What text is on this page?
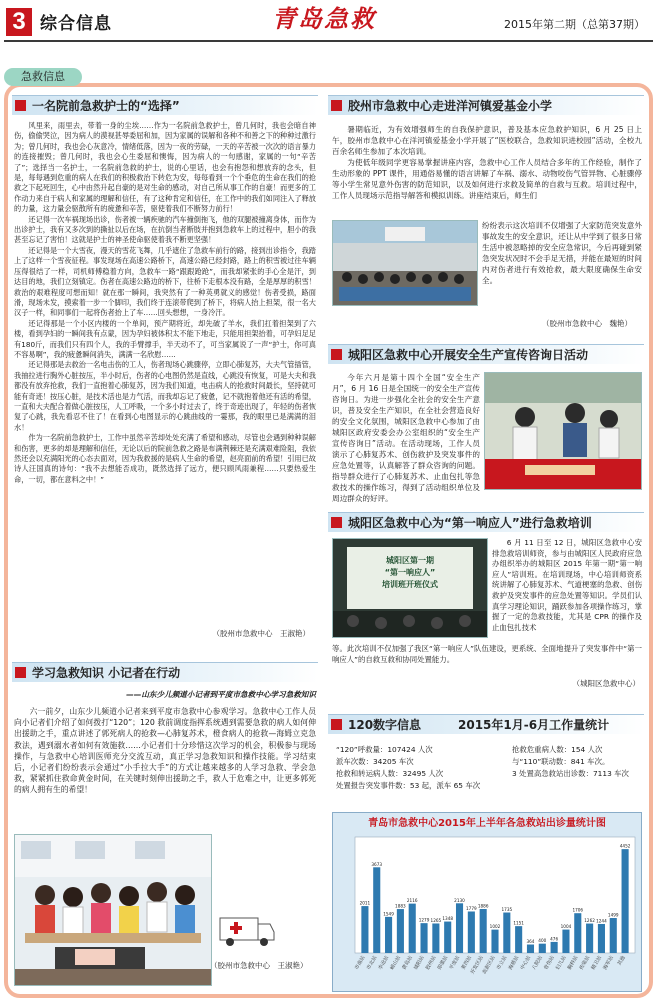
3 综合信息	青岛急救	2015年第二期（总第37期）
急救信息
一名院前急救护士的“选择”

风里来，雨里去，带着一身的尘埃……作为一名院前急救护士，曾几何时，我也会暗自神伤，偷偷哭泣，因为病人的漠视甚辱委屈和加，因为家属的误解和各种不和善之下的种种过激行为；曾几何时，我也会心灰意冷，情绪低落，因为一夜的劳碌，一天的辛苦被一次次的语言暴力的连接摧毁；曾几何时，我也会心生委屈和懊悔，因为病人的一句感谢，家属的一句“辛苦了”；选择当一名护士，一名院前急救的护士，说的心里话，也会有抱怨和想放弃的念头，但是，每每遇到危重的病人在我们的积极救治下转危为安，每每看到一个个垂危的生命在我们的抢救之下起死回生，心中由然升起自豪的是对生命的感动，对自己所从事工作的自豪！而更多的工作动力来自于病人和家属的理解和信任，有了这种肯定和信任，在工作中的我们如同注入了释放的力量，这力量会驱散所有的疲惫和辛苦，驱使着我们不断努力前行！

还记得一次车祸现场出诊，伤者被一辆疾驰的汽车撞倒拖飞，他的双腿被撞离身体，而作为出诊护士，我有又多次到的撕扯以后在场，在抗倒当者断肢并抱到急救车上的过程中，胆小的我甚至忘记了害怕！这就是护士的神圣使命驱使着我不断更坚强！

还记得是一个大雪夜，漫天的雪花飞舞，几乎遮住了急救车前行的路，接到出诊指令，我踏上了这样一个雪夜征程。事发现场在高速公路桥下，高速公路已经封路，路上的积雪被过往车辆压得很结了一样，司机师傅稳着方向，急救车一路“跟跟跄跄”，而我却紧张的手心全是汗，到达目的地，我们立刻镇定。伤者在高速公路边的桥下，往桥下走根本没有路，全是厚厚的积雪！救治的艰难程度可想而知！就在那一瞬间，我突然有了一种英勇就义的感觉！伤者受损，路面滑，现场未发，摸索着一步一个脚印，我们终于连滚带爬到了桥下，将病人抬上担架，很一名大汉子一样，和同事们一起将伤者抬上了车……回头想想，一身冷汗。

还记得那是一个小区内楼的一个单间，预产期将近，却先破了羊水，我们扛着担架到了六楼，看到孕妇的一瞬间我有点蒙，因为孕妇被体积太不能下地走，只能用担架抬着，可孕妇足足有180斤，而我们只有四个人，我的手臂撑手，半天动不了，可当家属说了一声“护士，你可真不容易啊”，我的疲惫瞬间消失，满满一名欣慰……

还记得那是去救治一名电击伤的工人，伤者现场心跳骤停，立即心肺复苏，大夫气管插管，我抽拉进行胸外心脏按压，半小时后，伤者的心电图仍然是直线，心跳没有恢复，可是大夫和我都没有放弃抢救，我们一直抱着心肺复苏，因为我们知道，电击病人的抢救时间最长，坚持就可能有奇迹！按压心脏，是技术活也是力气活，而我却忘记了疲惫，记不就抱着他还有活的希望，一直和大夫配合着做心脏按压，人工呼吸，一个多小时过去了，终于奇迹出现了，年轻的伤者恢复了心跳，我先看忍不住了！在看到心电图显示的心跳曲线的一霎那，我的眼里已是满满的泪水！

作为一名院前急救护士，工作中虽然辛苦却处处充满了希望和感动，尽管也会遇到种种误解和伤害，更多的却是理解和信任，无论以后的院前急救之路是布满荆棘还是充满艰难险阻，我依然还会以充满阳光的心态去面对，因为我救援的是病人生命的希望，赵亮面前的希望！引用已故诗人汪国真的诗句：“我不去想能否成功，既然选择了远方，便只顾风雨兼程……只要热爱生命，一切，都在意料之中！”

（胶州市急救中心　王淑艳）
学习急救知识 小记者在行动
——山东少儿频道小记者到平度市急救中心学习急救知识

六一前夕，山东少儿频道小记者来到平度市急救中心参观学习。急救中心工作人员向小记者们介绍了如何拨打“120”；120 救前调度指挥系统遇到需要急救的病人如何伸出援助之手，重点讲述了郭死病人的抢救—心肺复苏术，橙食病人的抢救—海姆立克急救法，遇到溺水者如何有效施救……小记者们十分珍惜这次学习的机会，积极参与现场操作，与急救中心培训医师充分交流互动，真正学习急救知识和操作技能。学习结束后，小记者们纷纷表示会通过“小手拉大手”的方式让越来越多的人学习急救、学会急救，紧紧抓住救命黄金时间，在关键时刻伸出援助之手，救人于危难之中，让更多郭死的病人拥有生的希望！

（胶州市急救中心　王淑艳）
胶州市急救中心走进洋河镇爱基金小学

暑期临近，为有效增强师生的自我保护意识，普及基本应急救护知识，6 月 25 日上午，胶州市急救中心在洋河镇爱基金小学开展了“医校联合，急救知识进校园”活动，全校九百余名师生参加了本次培训。

为使低年级同学更容易掌握讲座内容，急救中心工作人员结合多年的工作经验，制作了生动形象的 PPT 课件，用通俗易懂的语言讲解了车祸、溺水、动物咬伤气管异物、心脏骤停等小学生常见意外伤害的防范知识，以及如何进行求救及简单的自救与互救。培训过程中，工作人员现场示范指导解答和模拟训练。讲座结束后，师生们

纷纷表示这次培训不仅增强了大家防范突发意外事故发生的安全意识，还让从中学到了很多日常生活中被忽略掉的安全应急常识，今后再碰到紧急突发状况时不会手足无措，并能在最短的时间内对伤者进行有效抢救，最大限度确保生命安全。

（胶州市急救中心　魏艳）
城阳区急救中心开展安全生产宣传咨询日活动

今年六月是第十四个全国“安全生产月”，6 月 16 日是全国统一的安全生产宣传咨询日。为进一步强化全社会的安全生产意识，普及安全生产知识，在全社会营造良好的安全文化氛围，城阳区急救中心参加了由城阳区政府安委会办公室组织的“安全生产宣传咨询日”活动。在活动现场，工作人员演示了心肺复苏术、创伤救护及突发事件的应急处置等，认真解答了群众咨询的问题。指导群众进行了心肺复苏术、止血包扎等急救技术的操作练习，得到了活动组织单位及周边群众的好评。

城阳区急救中心为“第一响应人”进行急救培训
城阳区第一期
“第一响应人”
培训班开班仪式

6 月 11 日至 12 日，城阳区急救中心安排急救培训师资，参与由城阳区人民政府应急办组织举办的城阳区 2015 年第一期“第一响应人”培训班。在培训现场，中心培训师资系统讲解了心肺复苏术、气道梗塞的急救、创伤救护及突发事件的应急处置等知识。学员们认真学习理论知识，踊跃参加各项操作练习，掌握了一定的急救技能，尤其是 CPR 的操作及止血包扎技术

等。此次培训不仅加强了我区“第一响应人”队伍建设，更系统、全面地提升了突发事件中“第一响应人”的自救互救和协同处置能力。

（城阳区急救中心）
120数字信息	2015年1月-6月工作量统计
“120”呼救量：107424 人次
派车次数：34205 车次
抢救和转运病人数：32495 人次
处置报告突发事件数：53 起，派车 65 车次
抢救危重病人数：154 人次
与“110”联动数：841 车次。
3 处置高急救站出诊数：7113 车次
青岛市急救中心2015年上半年各急救站出诊量统计图
2011
市南站
3673
市北站
1549
李沧站
1883
崂山站
2116
黄岛站
1279
城阳站
1265
胶州站
1348
即墨站
2130
平度站
1779
莱西站
1886
开发区站
1002
高新区站
1735
市立站
1151
海慈站
364
中心站
400
八院站
476
骨伤站
1004
妇儿站
1706
胸科站
1262
传染站
1244
精卫站
1499
海军站
4452
其他
